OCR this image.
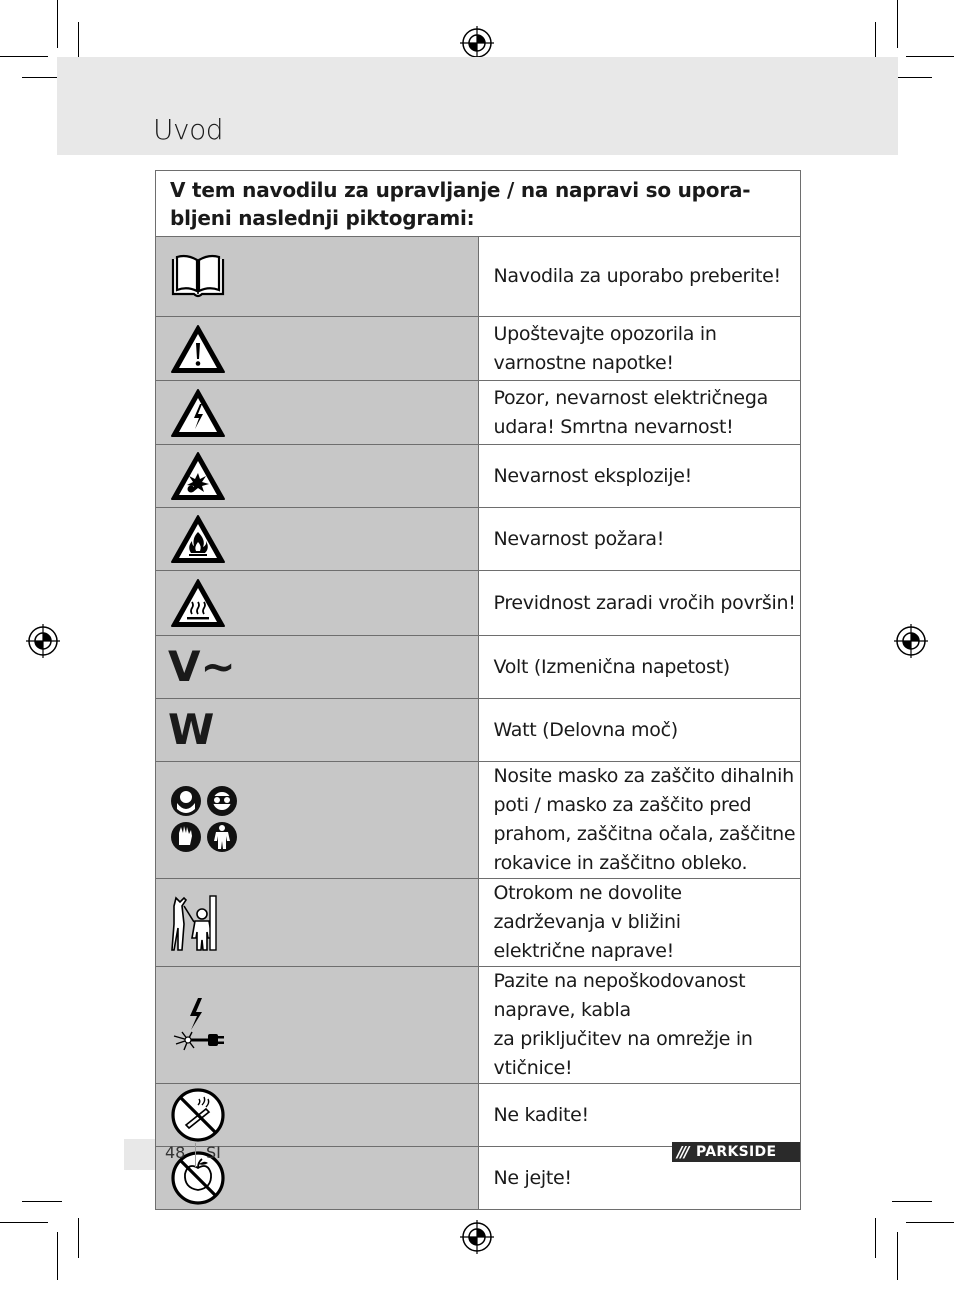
Uvod
V tem navodilu za upravljanje / na napravi so upora-
bljeni naslednji piktogrami:	

	Navodila za uporabo preberite!

	Upoštevajte opozorila in varnostne napotke!

	Pozor, nevarnost električnega udara! Smrtna nevarnost!

	Nevarnost eksplozije!

	Nevarnost požara!

	Previdnost zaradi vročih površin!
V~	Volt (Izmenična napetost)
W	Watt (Delovna moč)

	Nosite masko za zaščito dihalnih poti / masko za zaščito pred prahom, zaščitna očala, zaščitne rokavice in zaščitno obleko.

	Otrokom ne dovolite zadrževanja v bližini
električne naprave!

	Pazite na nepoškodovanost naprave, kabla
za priključitev na omrežje in vtičnice!

	Ne kadite!

	Ne jejte!
48 SI	/// PARKSIDE
